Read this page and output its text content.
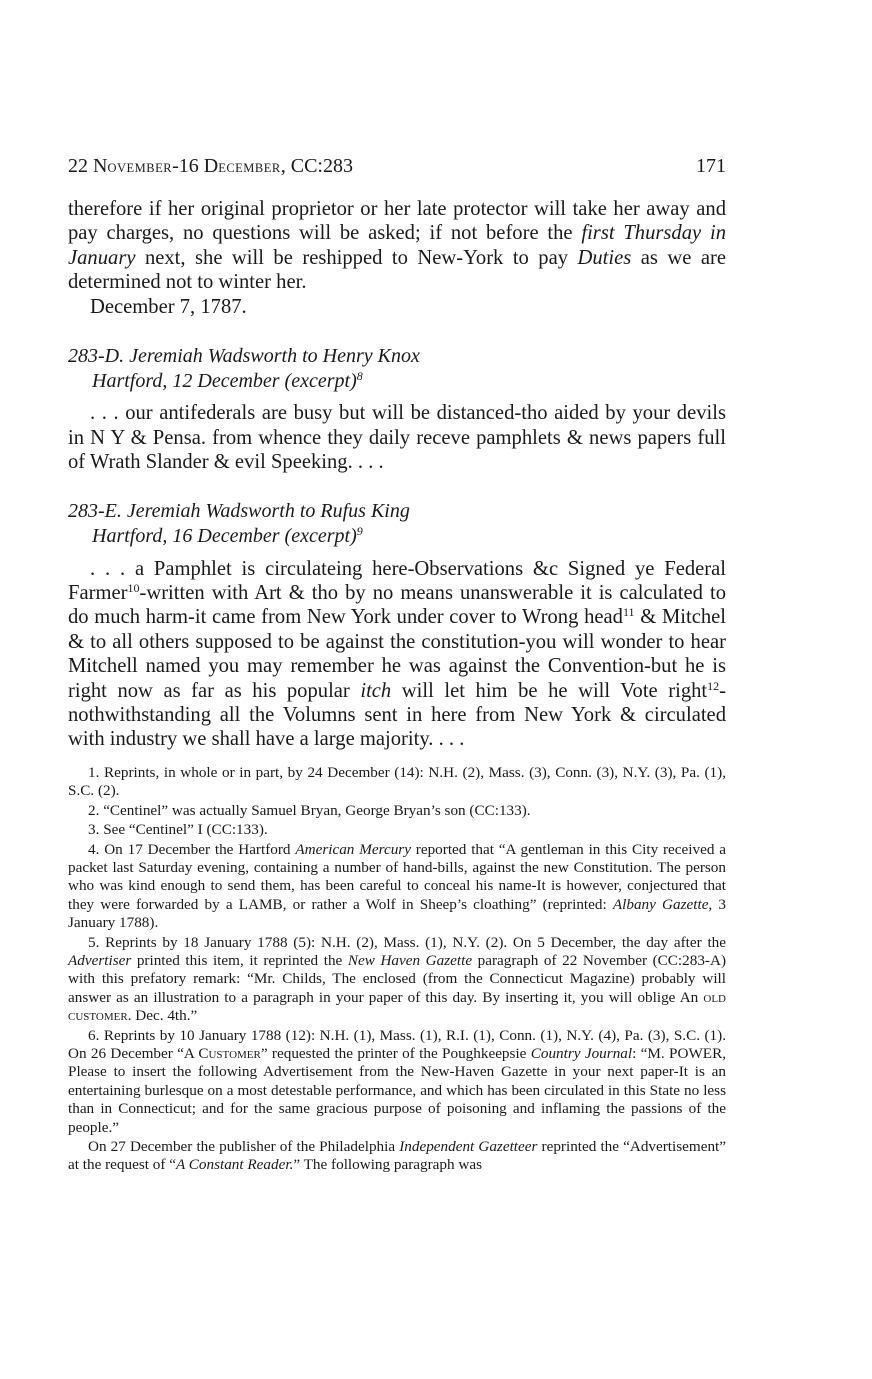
22 NOVEMBER-16 DECEMBER, CC:283	171

therefore if her original proprietor or her late protector will take her away and pay charges, no questions will be asked; if not before the first Thursday in January next, she will be reshipped to New-York to pay Duties as we are determined not to winter her.

December 7, 1787.

283-D. Jeremiah Wadsworth to Henry Knox
Hartford, 12 December (excerpt)$^8$

. . . our antifederals are busy but will be distanced-tho aided by your devils in N Y & Pensa. from whence they daily receve pamphlets & news papers full of Wrath Slander & evil Speeking. . . .

283-E. Jeremiah Wadsworth to Rufus King
Hartford, 16 December (excerpt)$^9$

. . . a Pamphlet is circulateing here-Observations &c Signed ye Federal Farmer$^{10}$-written with Art & tho by no means unanswerable it is calculated to do much harm-it came from New York under cover to Wrong head$^{11}$ & Mitchel & to all others supposed to be against the constitution-you will wonder to hear Mitchell named you may remember he was against the Convention-but he is right now as far as his popular itch will let him be he will Vote right$^{12}$-nothwithstanding all the Volumns sent in here from New York & circulated with industry we shall have a large majority. . . .

1. Reprints, in whole or in part, by 24 December (14): N.H. (2), Mass. (3), Conn. (3), N.Y. (3), Pa. (1), S.C. (2).

2. “Centinel” was actually Samuel Bryan, George Bryan’s son (CC:133).

3. See “Centinel” I (CC:133).

4. On 17 December the Hartford American Mercury reported that “A gentleman in this City received a packet last Saturday evening, containing a number of hand-bills, against the new Constitution. The person who was kind enough to send them, has been careful to conceal his name-It is however, conjectured that they were forwarded by a LAMB, or rather a Wolf in Sheep’s cloathing” (reprinted: Albany Gazette, 3 January 1788).

5. Reprints by 18 January 1788 (5): N.H. (2), Mass. (1), N.Y. (2). On 5 December, the day after the Advertiser printed this item, it reprinted the New Haven Gazette paragraph of 22 November (CC:283-A) with this prefatory remark: “Mr. Childs, The enclosed (from the Connecticut Magazine) probably will answer as an illustration to a paragraph in your paper of this day. By inserting it, you will oblige An old customer. Dec. 4th.”

6. Reprints by 10 January 1788 (12): N.H. (1), Mass. (1), R.I. (1), Conn. (1), N.Y. (4), Pa. (3), S.C. (1). On 26 December “A Customer” requested the printer of the Poughkeepsie Country Journal: “M. POWER, Please to insert the following Advertisement from the New-Haven Gazette in your next paper-It is an entertaining burlesque on a most detestable performance, and which has been circulated in this State no less than in Connecticut; and for the same gracious purpose of poisoning and inflaming the passions of the people.”

On 27 December the publisher of the Philadelphia Independent Gazetteer reprinted the “Advertisement” at the request of “A Constant Reader.” The following paragraph was
